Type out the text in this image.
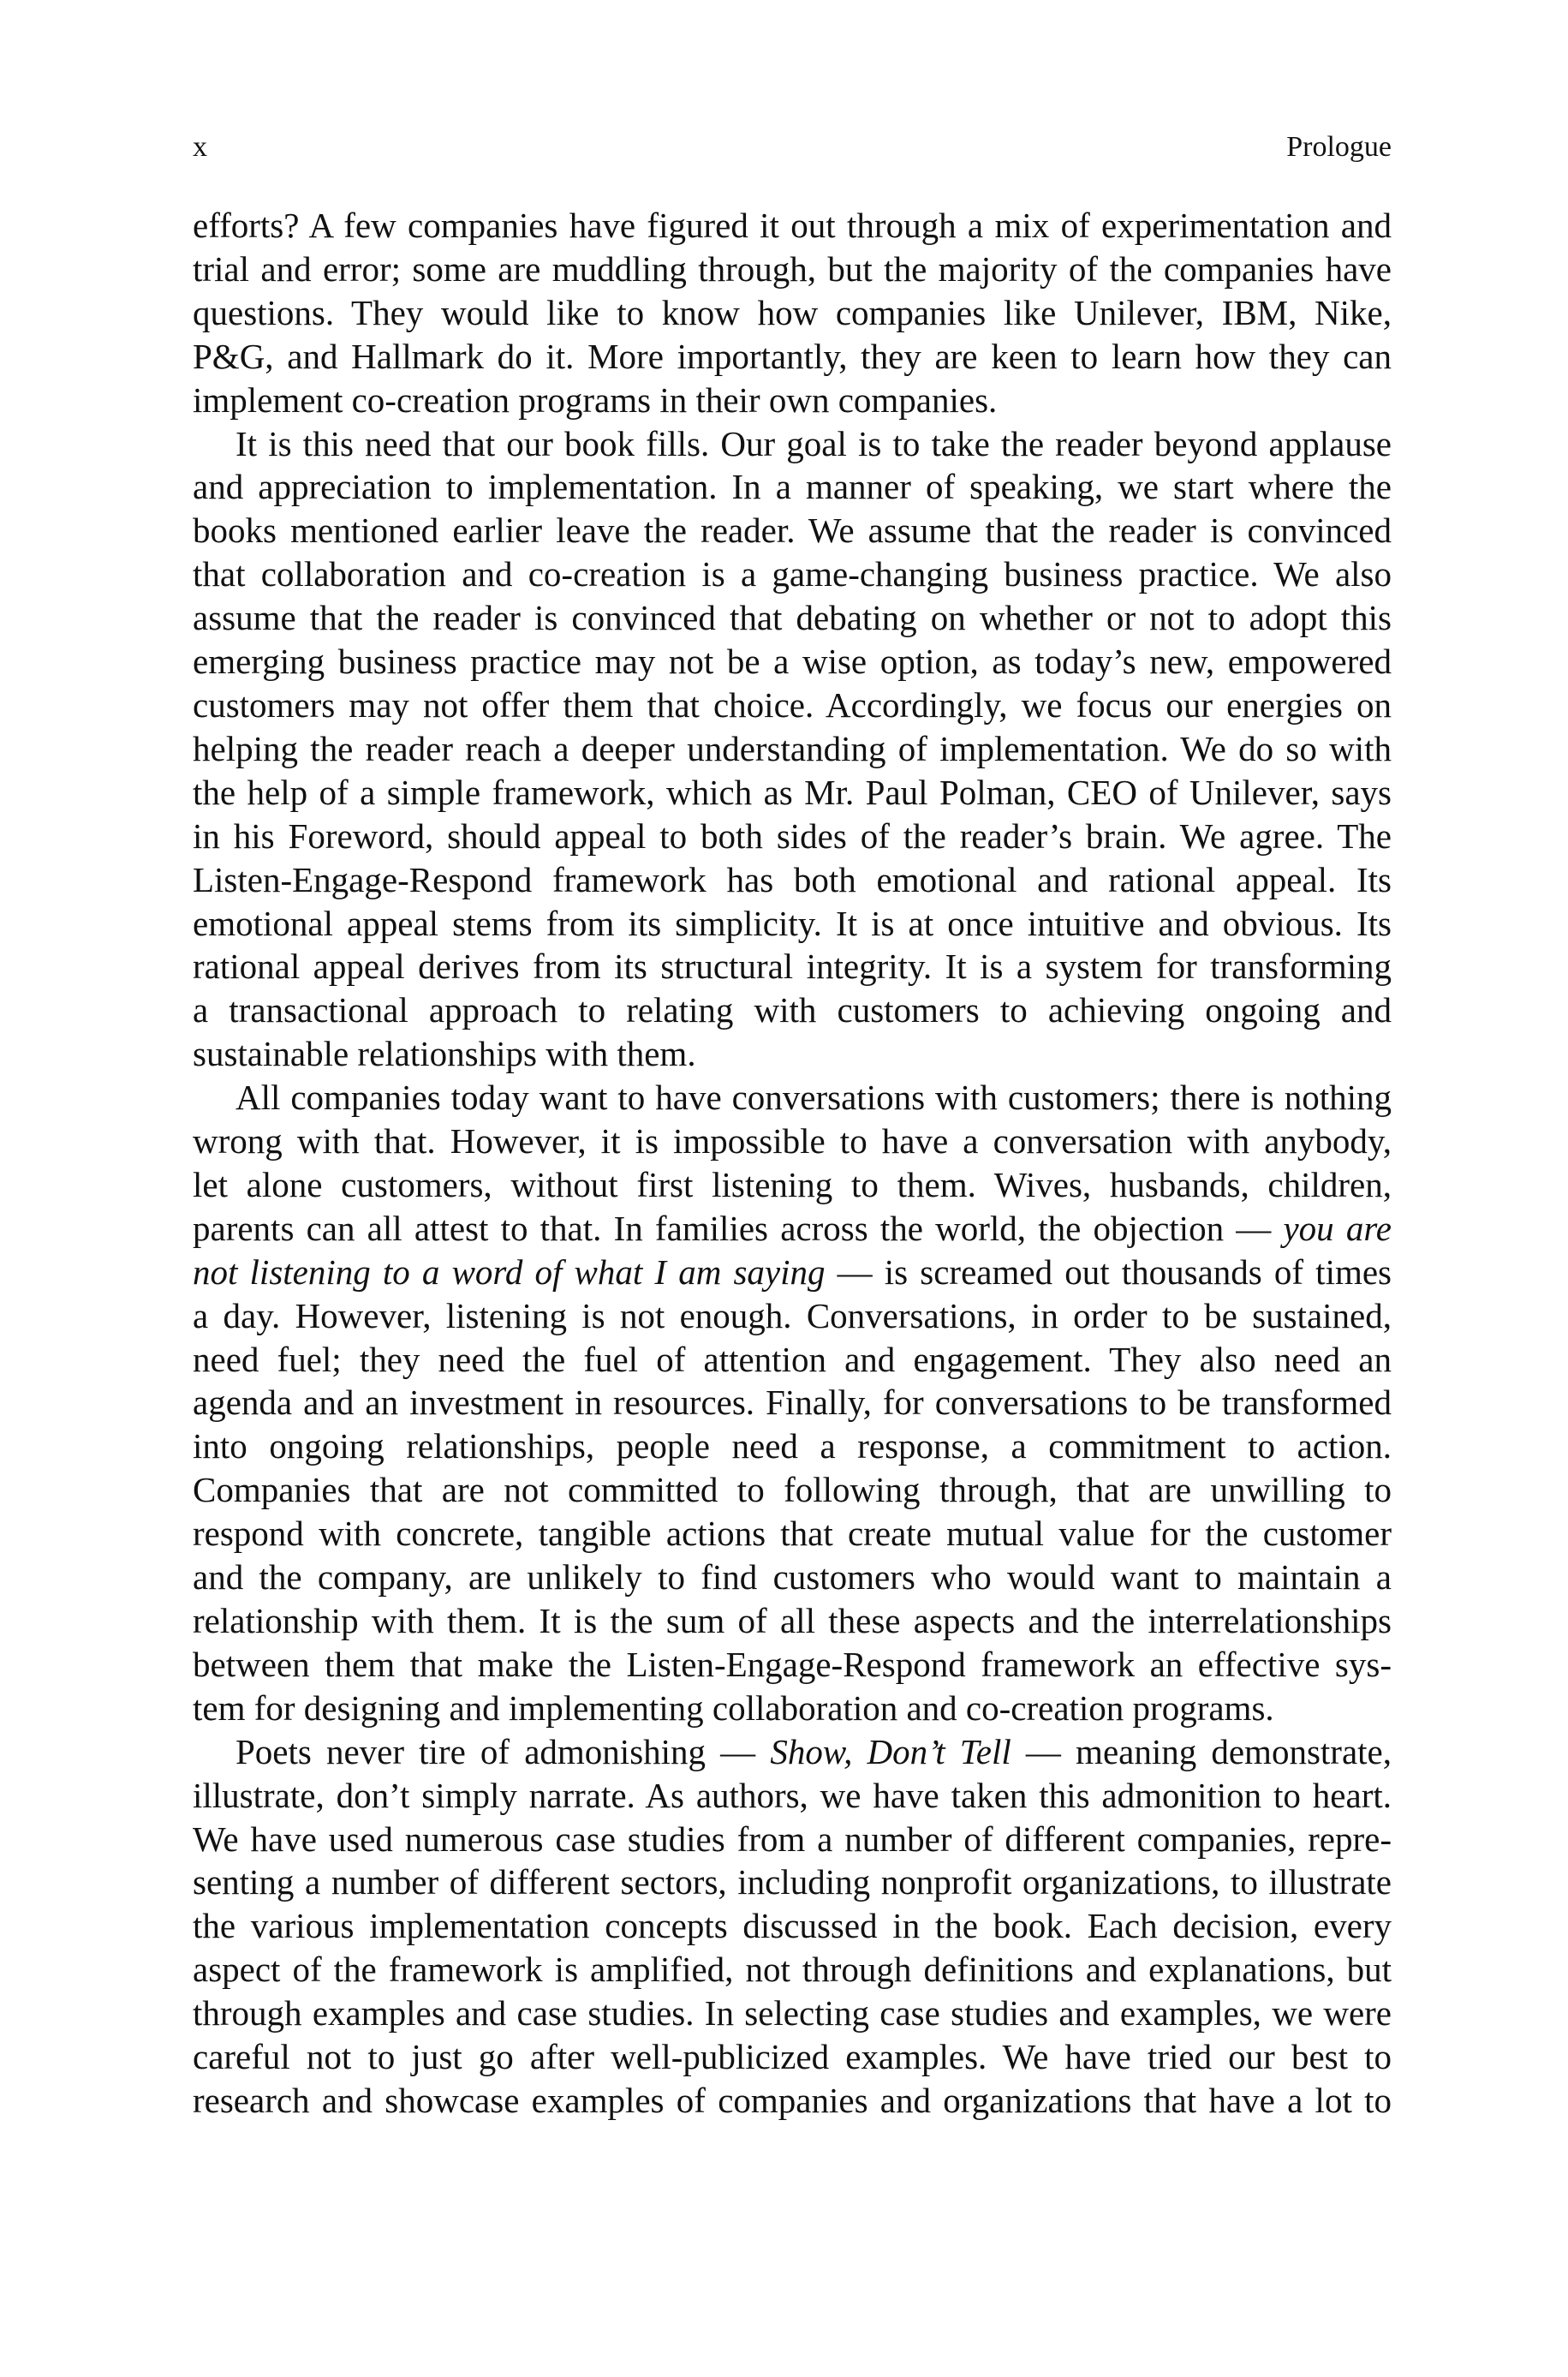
x	Prologue
efforts? A few companies have figured it out through a mix of experimentation and
trial and error; some are muddling through, but the majority of the companies have
questions. They would like to know how companies like Unilever, IBM, Nike,
P&G, and Hallmark do it. More importantly, they are keen to learn how they can
implement co-creation programs in their own companies.
It is this need that our book fills. Our goal is to take the reader beyond applause
and appreciation to implementation. In a manner of speaking, we start where the
books mentioned earlier leave the reader. We assume that the reader is convinced
that collaboration and co-creation is a game-changing business practice. We also
assume that the reader is convinced that debating on whether or not to adopt this
emerging business practice may not be a wise option, as today’s new, empowered
customers may not offer them that choice. Accordingly, we focus our energies on
helping the reader reach a deeper understanding of implementation. We do so with
the help of a simple framework, which as Mr. Paul Polman, CEO of Unilever, says
in his Foreword, should appeal to both sides of the reader’s brain. We agree. The
Listen-Engage-Respond framework has both emotional and rational appeal. Its
emotional appeal stems from its simplicity. It is at once intuitive and obvious. Its
rational appeal derives from its structural integrity. It is a system for transforming
a transactional approach to relating with customers to achieving ongoing and
sustainable relationships with them.
All companies today want to have conversations with customers; there is nothing
wrong with that. However, it is impossible to have a conversation with anybody,
let alone customers, without first listening to them. Wives, husbands, children,
parents can all attest to that. In families across the world, the objection — you are
not listening to a word of what I am saying — is screamed out thousands of times
a day. However, listening is not enough. Conversations, in order to be sustained,
need fuel; they need the fuel of attention and engagement. They also need an
agenda and an investment in resources. Finally, for conversations to be transformed
into ongoing relationships, people need a response, a commitment to action.
Companies that are not committed to following through, that are unwilling to
respond with concrete, tangible actions that create mutual value for the customer
and the company, are unlikely to find customers who would want to maintain a
relationship with them. It is the sum of all these aspects and the interrelationships
between them that make the Listen-Engage-Respond framework an effective sys-
tem for designing and implementing collaboration and co-creation programs.
Poets never tire of admonishing — Show, Don’t Tell — meaning demonstrate,
illustrate, don’t simply narrate. As authors, we have taken this admonition to heart.
We have used numerous case studies from a number of different companies, repre-
senting a number of different sectors, including nonprofit organizations, to illustrate
the various implementation concepts discussed in the book. Each decision, every
aspect of the framework is amplified, not through definitions and explanations, but
through examples and case studies. In selecting case studies and examples, we were
careful not to just go after well-publicized examples. We have tried our best to
research and showcase examples of companies and organizations that have a lot to
